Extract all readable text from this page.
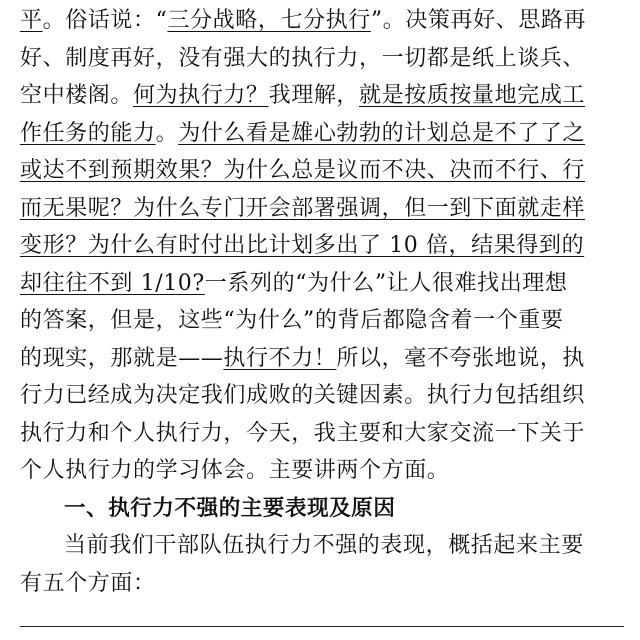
平。俗话说：“三分战略，七分执行”。决策再好、思路再
好、制度再好，没有强大的执行力，一切都是纸上谈兵、
空中楼阁。何为执行力？我理解，就是按质按量地完成工
作任务的能力。为什么看是雄心勃勃的计划总是不了了之
或达不到预期效果？为什么总是议而不决、决而不行、行
而无果呢？为什么专门开会部署强调，但一到下面就走样
变形？为什么有时付出比计划多出了 10 倍，结果得到的
却往往不到 1/10?一系列的“为什么”让人很难找出理想
的答案，但是，这些“为什么”的背后都隐含着一个重要
的现实，那就是——执行不力！所以，毫不夸张地说，执
行力已经成为决定我们成败的关键因素。执行力包括组织
执行力和个人执行力，今天，我主要和大家交流一下关于
个人执行力的学习体会。主要讲两个方面。
一、执行力不强的主要表现及原因
当前我们干部队伍执行力不强的表现，概括起来主要
有五个方面：
